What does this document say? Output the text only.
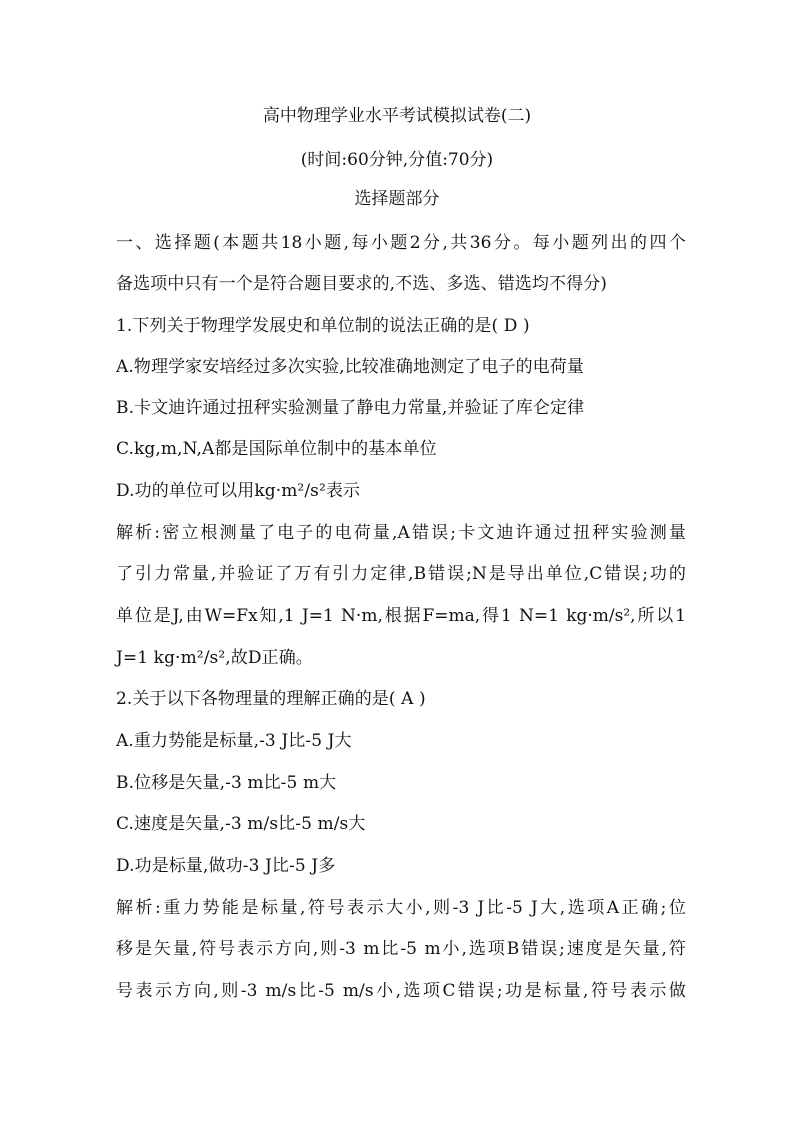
高中物理学业水平考试模拟试卷(二)
(时间:60分钟,分值:70分)
选择题部分
一、选择题(本题共18小题,每小题2分,共36分。每小题列出的四个
备选项中只有一个是符合题目要求的,不选、多选、错选均不得分)
1.下列关于物理学发展史和单位制的说法正确的是( D )
A.物理学家安培经过多次实验,比较准确地测定了电子的电荷量
B.卡文迪许通过扭秤实验测量了静电力常量,并验证了库仑定律
C.kg,m,N,A都是国际单位制中的基本单位
D.功的单位可以用kg·m²/s²表示
解析:密立根测量了电子的电荷量,A错误;卡文迪许通过扭秤实验测量
了引力常量,并验证了万有引力定律,B错误;N是导出单位,C错误;功的
单位是J,由W=Fx知,1 J=1 N·m,根据F=ma,得1 N=1 kg·m/s²,所以1
J=1 kg·m²/s²,故D正确。
2.关于以下各物理量的理解正确的是( A )
A.重力势能是标量,-3 J比-5 J大
B.位移是矢量,-3 m比-5 m大
C.速度是矢量,-3 m/s比-5 m/s大
D.功是标量,做功-3 J比-5 J多
解析:重力势能是标量,符号表示大小,则-3 J比-5 J大,选项A正确;位
移是矢量,符号表示方向,则-3 m比-5 m小,选项B错误;速度是矢量,符
号表示方向,则-3 m/s比-5 m/s小,选项C错误;功是标量,符号表示做
